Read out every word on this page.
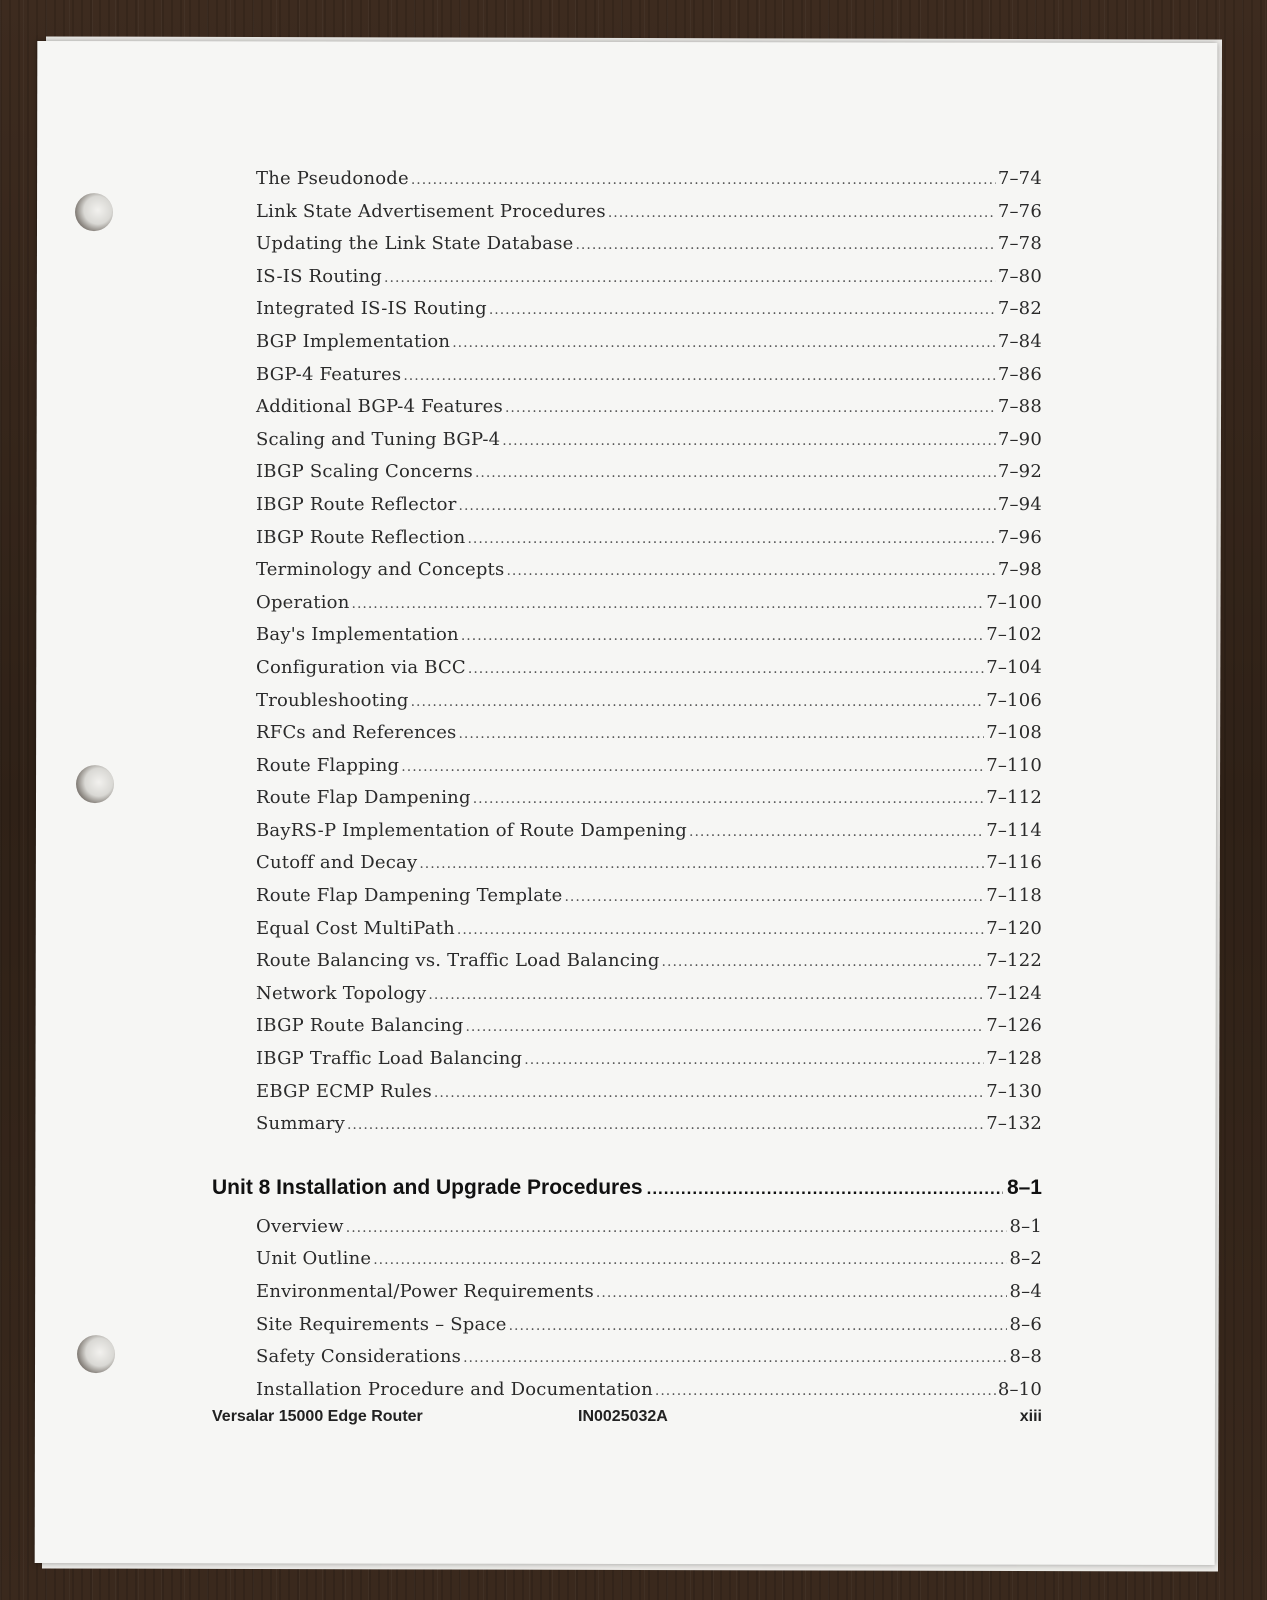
The Pseudonode .....	7–74
Link State Advertisement Procedures .....	7–76
Updating the Link State Database .....	7–78
IS-IS Routing .....	7–80
Integrated IS-IS Routing .....	7–82
BGP Implementation .....	7–84
BGP-4 Features .....	7–86
Additional BGP-4 Features .....	7–88
Scaling and Tuning BGP-4 .....	7–90
IBGP Scaling Concerns .....	7–92
IBGP Route Reflector .....	7–94
IBGP Route Reflection .....	7–96
Terminology and Concepts .....	7–98
Operation .....	7–100
Bay's Implementation .....	7–102
Configuration via BCC .....	7–104
Troubleshooting .....	7–106
RFCs and References .....	7–108
Route Flapping .....	7–110
Route Flap Dampening .....	7–112
BayRS-P Implementation of Route Dampening .....	7–114
Cutoff and Decay .....	7–116
Route Flap Dampening Template .....	7–118
Equal Cost MultiPath .....	7–120
Route Balancing vs. Traffic Load Balancing .....	7–122
Network Topology .....	7–124
IBGP Route Balancing .....	7–126
IBGP Traffic Load Balancing .....	7–128
EBGP ECMP Rules .....	7–130
Summary .....	7–132
Unit 8 Installation and Upgrade Procedures .....	8–1
Overview .....	8–1
Unit Outline .....	8–2
Environmental/Power Requirements .....	8–4
Site Requirements – Space .....	8–6
Safety Considerations .....	8–8
Installation Procedure and Documentation .....	8–10
Versalar 15000 Edge Router	IN0025032A	xiii
